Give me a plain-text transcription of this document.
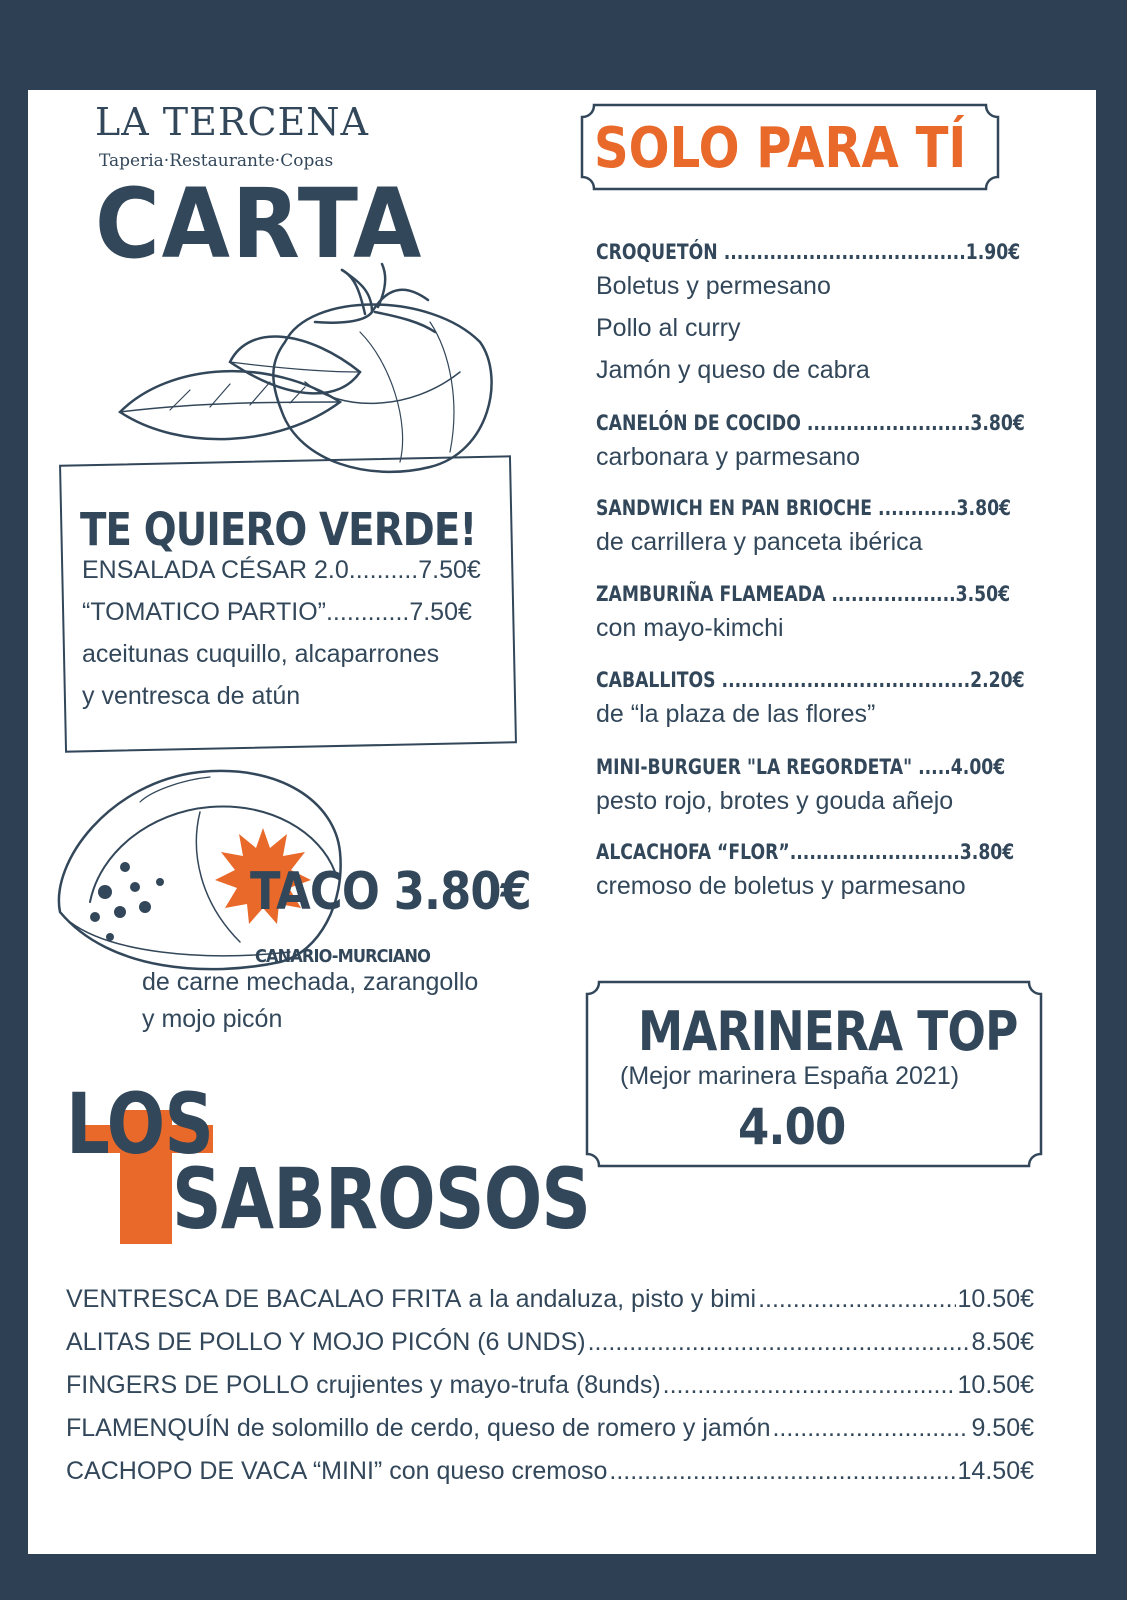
LA TERCENA
Taperia·Restaurante·Copas
CARTA
TE QUIERO VERDE!
ENSALADA CÉSAR 2.0..........7.50€
“TOMATICO PARTIO”............7.50€
aceitunas cuquillo, alcaparrones
y ventresca de atún
SOLO PARA TÍ
CROQUETÓN .....................................1.90€
Boletus y permesano
Pollo al curry
Jamón y queso de cabra
CANELÓN DE COCIDO .........................3.80€
carbonara y parmesano
SANDWICH EN PAN BRIOCHE ............3.80€
de carrillera y panceta ibérica
ZAMBURIÑA FLAMEADA ...................3.50€
con mayo-kimchi
CABALLITOS ......................................2.20€
de “la plaza de las flores”
MINI-BURGUER "LA REGORDETA" .....4.00€
pesto rojo, brotes y gouda añejo
ALCACHOFA “FLOR”..........................3.80€
cremoso de boletus y parmesano
TACO 3.80€
CANARIO-MURCIANO
de carne mechada, zarangollo
y mojo picón
LOS
SABROSOS
MARINERA TOP
(Mejor marinera España 2021)
4.00
VENTRESCA DE BACALAO FRITA a la andaluza, pisto y bimi .....	10.50€
ALITAS DE POLLO Y MOJO PICÓN (6 UNDS) .....	8.50€
FINGERS DE POLLO crujientes y mayo-trufa (8unds) .....	10.50€
FLAMENQUÍN de solomillo de cerdo, queso de romero y jamón .....	9.50€
CACHOPO DE VACA “MINI” con queso cremoso .....	14.50€
